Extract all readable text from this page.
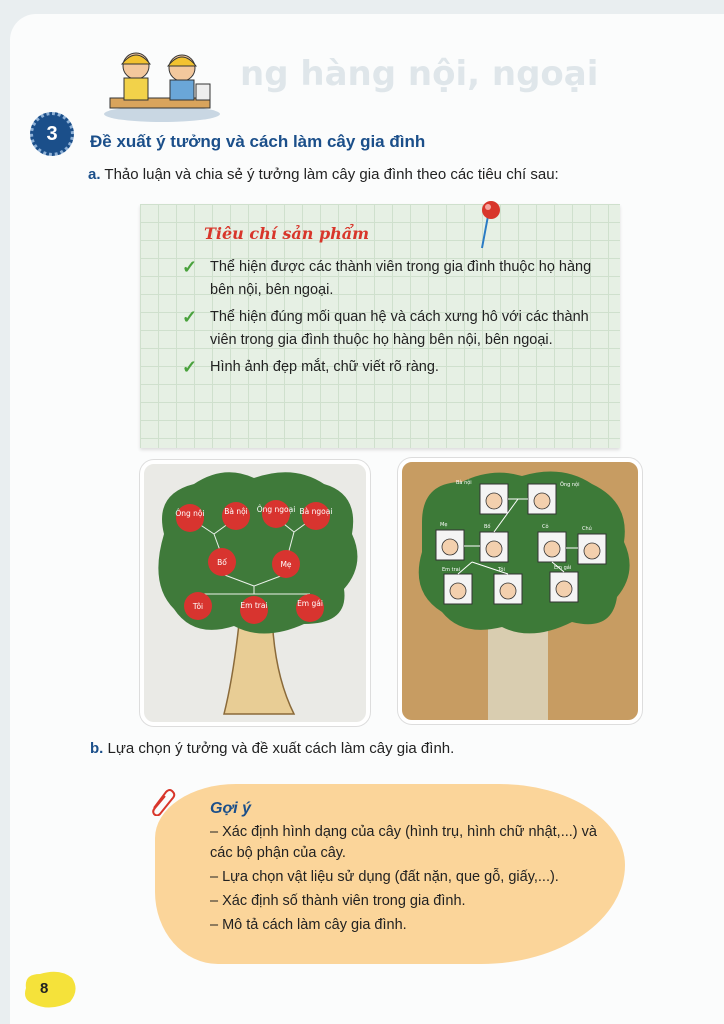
ng hàng nội, ngoại
3 Đề xuất ý tưởng và cách làm cây gia đình
a. Thảo luận và chia sẻ ý tưởng làm cây gia đình theo các tiêu chí sau:
Tiêu chí sản phẩm
✓ Thể hiện được các thành viên trong gia đình thuộc họ hàng bên nội, bên ngoại.
✓ Thể hiện đúng mối quan hệ và cách xưng hô với các thành viên trong gia đình thuộc họ hàng bên nội, bên ngoại.
✓ Hình ảnh đẹp mắt, chữ viết rõ ràng.
Ông nội	Bà nội Ông ngoại Bà ngoại
Bố	Mẹ
Tôi	Em trai	Em gái
Bà nội	Ông nội
Mẹ	Bố	Cô	Chú
Em trai	Tôi	Em gái
b. Lựa chọn ý tưởng và đề xuất cách làm cây gia đình.
Gợi ý
– Xác định hình dạng của cây (hình trụ, hình chữ nhật,...) và các bộ phận của cây.
– Lựa chọn vật liệu sử dụng (đất nặn, que gỗ, giấy,...).
– Xác định số thành viên trong gia đình.
– Mô tả cách làm cây gia đình.
8
